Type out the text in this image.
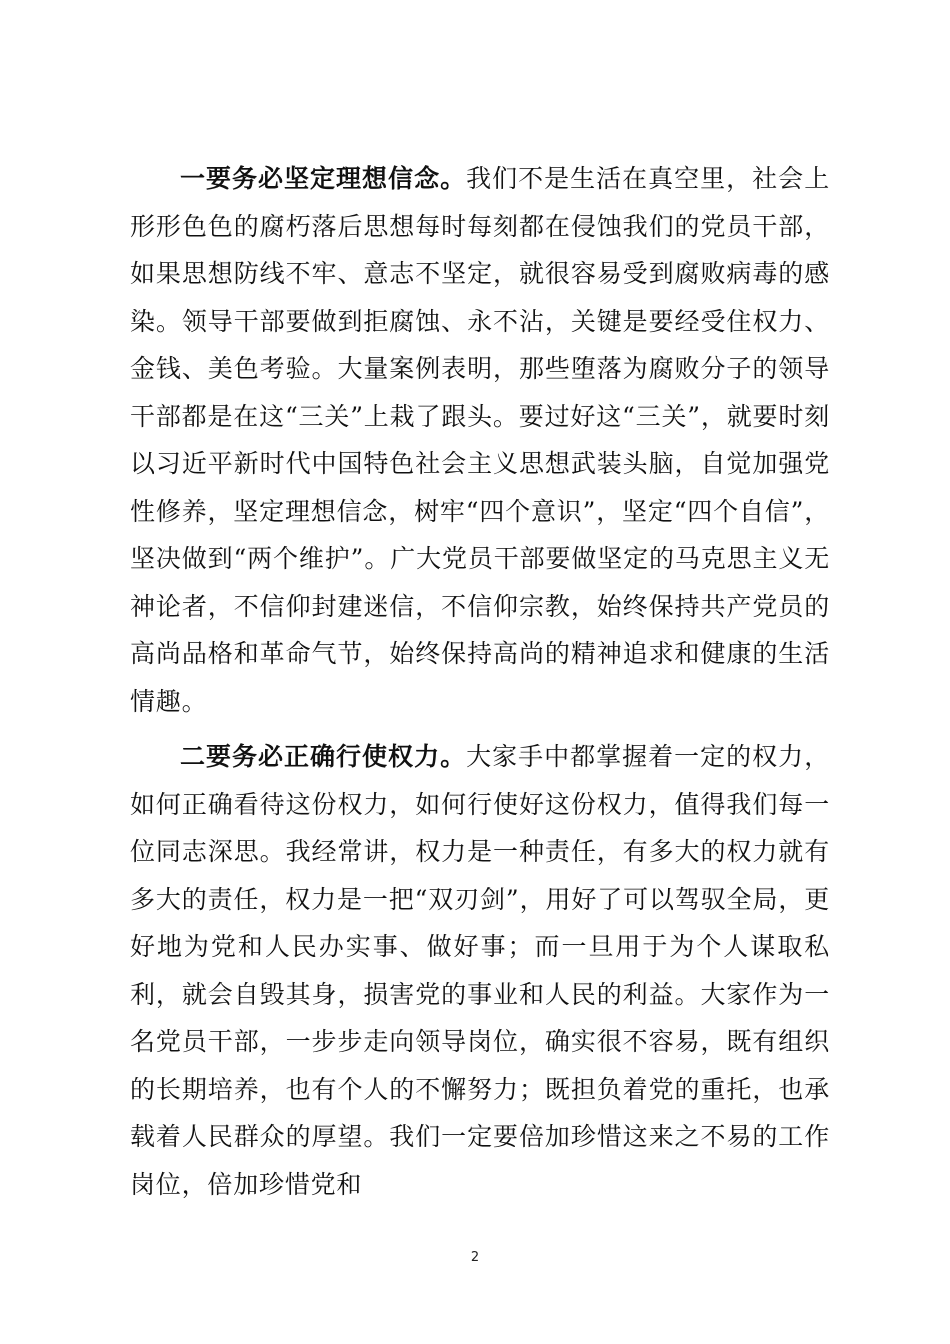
一要务必坚定理想信念。我们不是生活在真空里，社会上形形色色的腐朽落后思想每时每刻都在侵蚀我们的党员干部，如果思想防线不牢、意志不坚定，就很容易受到腐败病毒的感染。领导干部要做到拒腐蚀、永不沾，关键是要经受住权力、金钱、美色考验。大量案例表明，那些堕落为腐败分子的领导干部都是在这“三关”上栽了跟头。要过好这“三关”，就要时刻以习近平新时代中国特色社会主义思想武装头脑，自觉加强党性修养，坚定理想信念，树牢“四个意识”，坚定“四个自信”，坚决做到“两个维护”。广大党员干部要做坚定的马克思主义无神论者，不信仰封建迷信，不信仰宗教，始终保持共产党员的高尚品格和革命气节，始终保持高尚的精神追求和健康的生活情趣。

二要务必正确行使权力。大家手中都掌握着一定的权力，如何正确看待这份权力，如何行使好这份权力，值得我们每一位同志深思。我经常讲，权力是一种责任，有多大的权力就有多大的责任，权力是一把“双刃剑”，用好了可以驾驭全局，更好地为党和人民办实事、做好事；而一旦用于为个人谋取私利，就会自毁其身，损害党的事业和人民的利益。大家作为一名党员干部，一步步走向领导岗位，确实很不容易，既有组织的长期培养，也有个人的不懈努力；既担负着党的重托，也承载着人民群众的厚望。我们一定要倍加珍惜这来之不易的工作岗位，倍加珍惜党和

2
